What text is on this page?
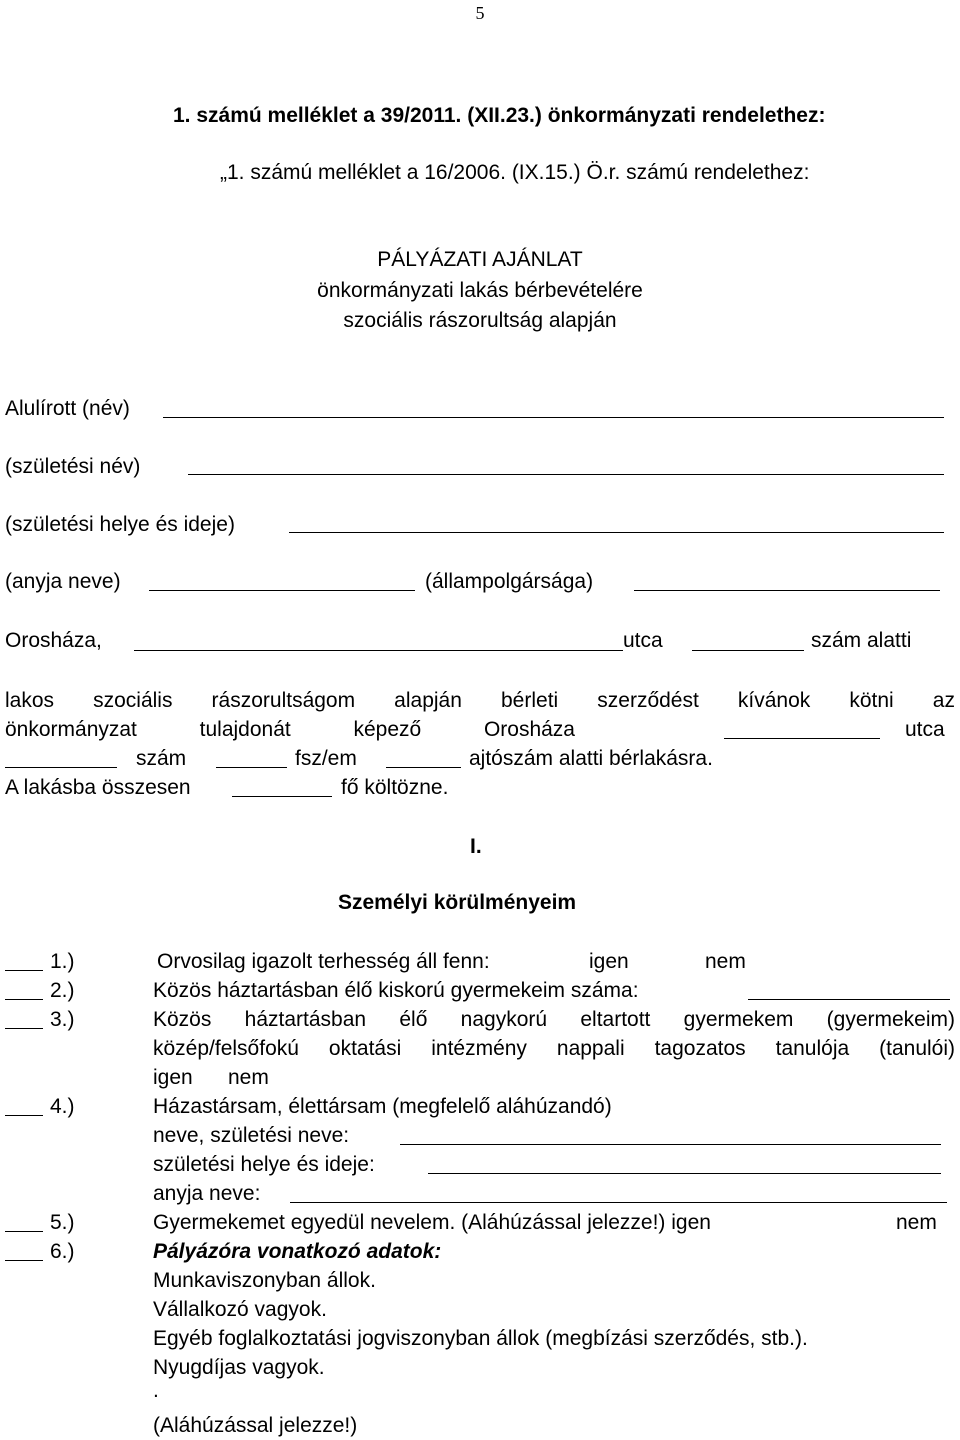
5
1. számú melléklet a 39/2011. (XII.23.) önkormányzati rendelethez:
„1. számú melléklet a 16/2006. (IX.15.) Ö.r. számú rendelethez:
PÁLYÁZATI AJÁNLAT
önkormányzati lakás bérbevételére
szociális rászorultság alapján
Alulírott (név)
(születési név)
(születési helye és ideje)
(anyja neve)	(állampolgársága)
Orosháza,	utca	szám alatti
lakos szociális rászorultságom alapján bérleti szerződést kívánok kötni az
önkormányzat tulajdonát képező Orosháza	utca
szám	fsz/em	ajtószám alatti bérlakásra.
A lakásba összesen	fő költözne.
I.
Személyi körülményeim
1.)	Orvosilag igazolt terhesség áll fenn:	igen	nem
2.)	Közös háztartásban élő kiskorú gyermekeim száma:
3.)	Közös háztartásban élő nagykorú eltartott gyermekem (gyermekeim)
közép/felsőfokú oktatási intézmény nappali tagozatos tanulója (tanulói)
igen nem
4.)	Házastársam, élettársam (megfelelő aláhúzandó)
neve, születési neve:
születési helye és ideje:
anyja neve:
5.)	Gyermekemet egyedül nevelem. (Aláhúzással jelezze!) igen	nem
6.)	Pályázóra vonatkozó adatok:
Munkaviszonyban állok.
Vállalkozó vagyok.
Egyéb foglalkoztatási jogviszonyban állok (megbízási szerződés, stb.).
Nyugdíjas vagyok.
.
(Aláhúzással jelezze!)
